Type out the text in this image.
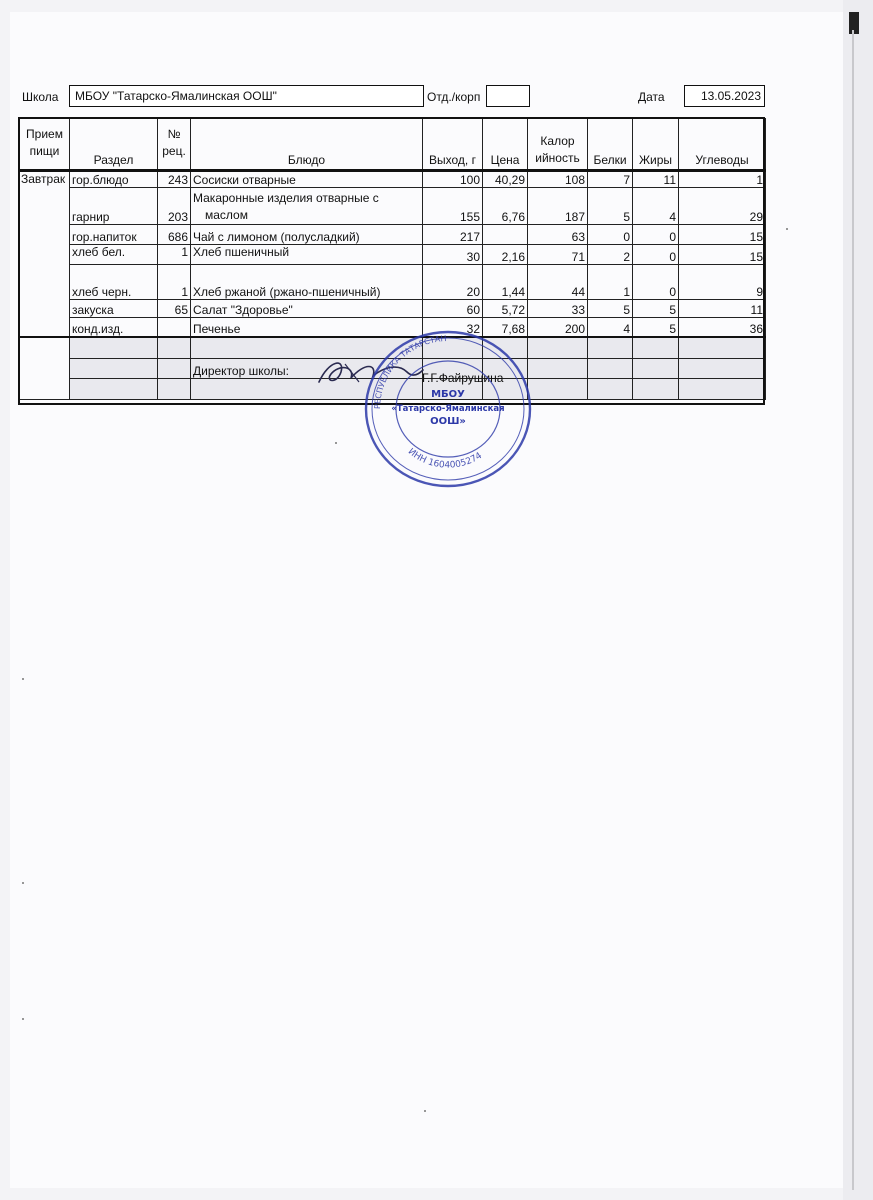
Школа МБОУ "Татарско-Ямалинская ООШ"	Отд./корп	Дата	13.05.2023
Прием пищи	Раздел	№ рец.	Блюдо	Выход, г	Цена	Калор ийность	Белки	Жиры	Углеводы
Завтрак	гор.блюдо	243	Сосиски отварные	100	40,29	108	7	11	1
	гарнир	203	Макаронные изделия отварные с маслом	155	6,76	187	5	4	29
	гор.напиток	686	Чай с лимоном (полусладкий)	217		63	0	0	15
	хлеб бел.	1	Хлеб пшеничный	30	2,16	71	2	0	15
	хлеб черн.	1	Хлеб ржаной (ржано-пшеничный)	20	1,44	44	1	0	9
	закуска	65	Салат "Здоровье"	60	5,72	33	5	5	11
	конд.изд.		Печенье	32	7,68	200	4	5	36

			Директор школы:						
									Г.Г.Файрушина
РЕСПУБЛИКА ТАТАРСТАН
ИНН 1604005274
МБОУ
«Татарско-Ямалинская
ООШ»
